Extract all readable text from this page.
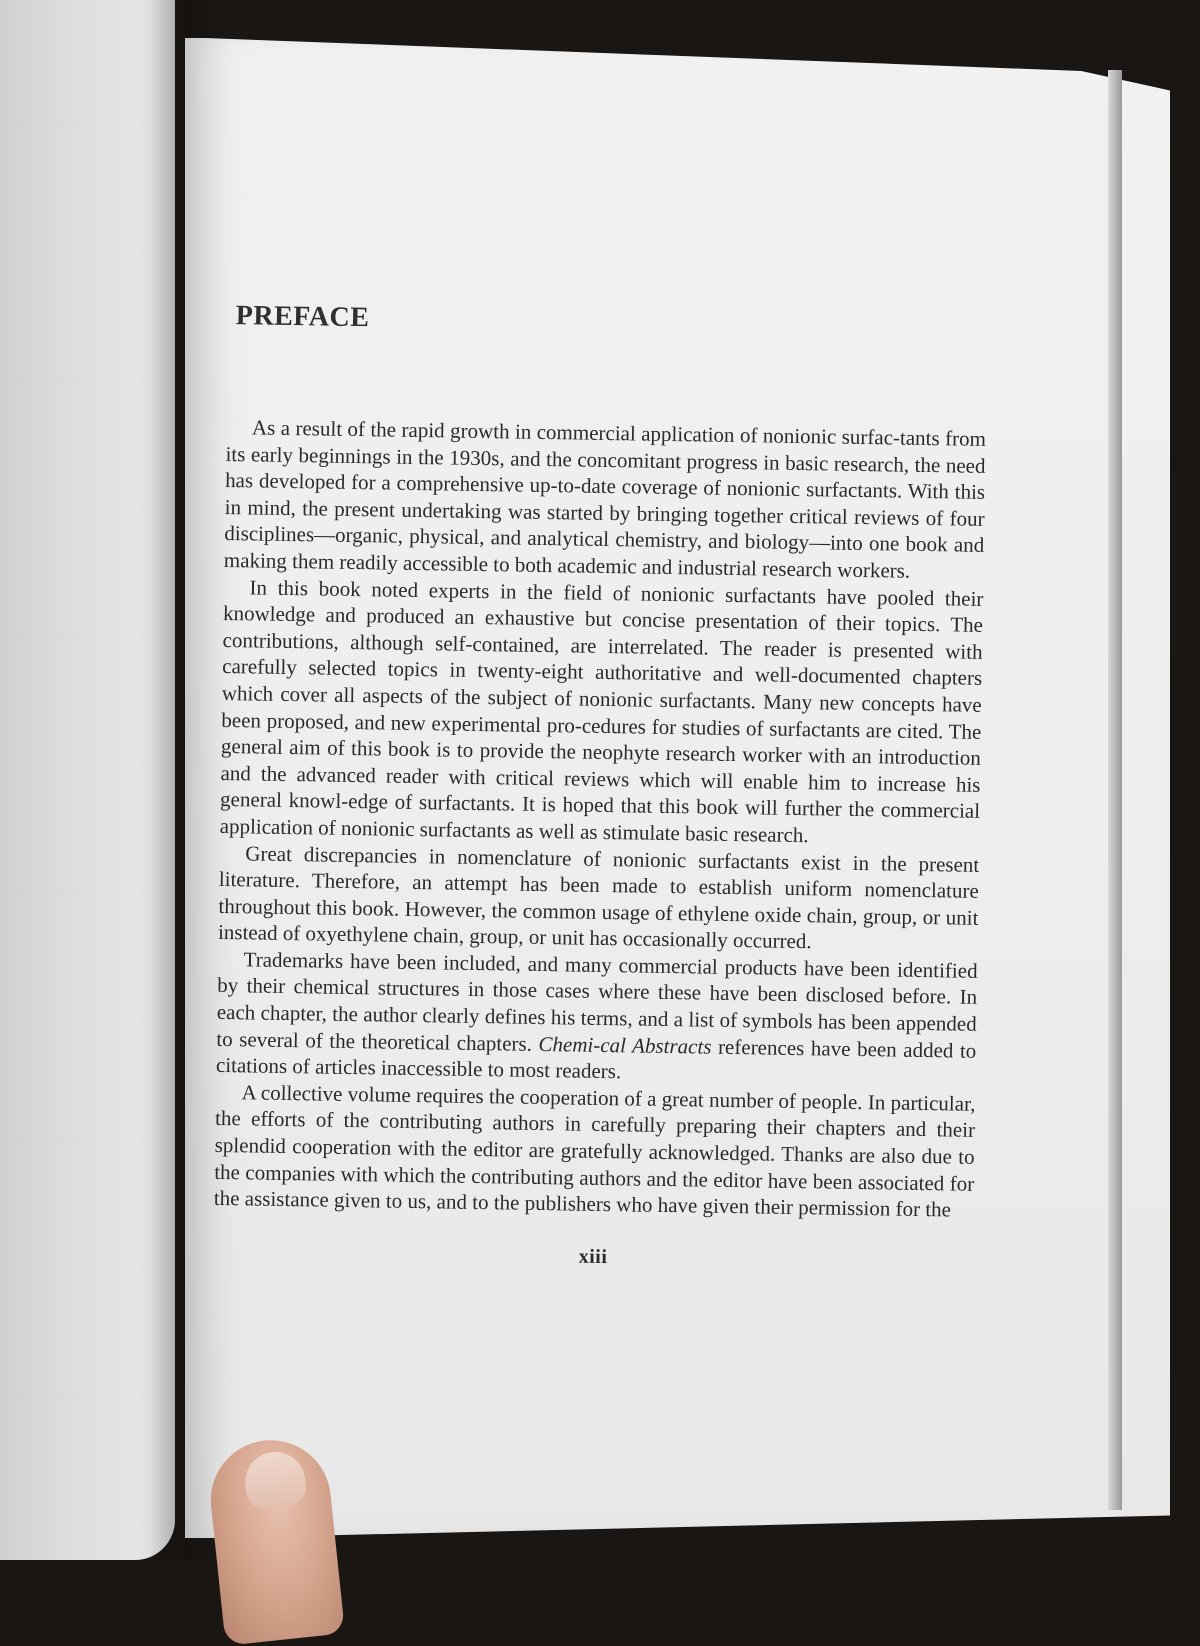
PREFACE

As a result of the rapid growth in commercial application of nonionic surfac-tants from its early beginnings in the 1930s, and the concomitant progress in basic research, the need has developed for a comprehensive up-to-date coverage of nonionic surfactants. With this in mind, the present undertaking was started by bringing together critical reviews of four disciplines—organic, physical, and analytical chemistry, and biology—into one book and making them readily accessible to both academic and industrial research workers.

In this book noted experts in the field of nonionic surfactants have pooled their knowledge and produced an exhaustive but concise presentation of their topics. The contributions, although self-contained, are interrelated. The reader is presented with carefully selected topics in twenty-eight authoritative and well-documented chapters which cover all aspects of the subject of nonionic surfactants. Many new concepts have been proposed, and new experimental pro-cedures for studies of surfactants are cited. The general aim of this book is to provide the neophyte research worker with an introduction and the advanced reader with critical reviews which will enable him to increase his general knowl-edge of surfactants. It is hoped that this book will further the commercial application of nonionic surfactants as well as stimulate basic research.

Great discrepancies in nomenclature of nonionic surfactants exist in the present literature. Therefore, an attempt has been made to establish uniform nomenclature throughout this book. However, the common usage of ethylene oxide chain, group, or unit instead of oxyethylene chain, group, or unit has occasionally occurred.

Trademarks have been included, and many commercial products have been identified by their chemical structures in those cases where these have been disclosed before. In each chapter, the author clearly defines his terms, and a list of symbols has been appended to several of the theoretical chapters. Chemi-cal Abstracts references have been added to citations of articles inaccessible to most readers.

A collective volume requires the cooperation of a great number of people. In particular, the efforts of the contributing authors in carefully preparing their chapters and their splendid cooperation with the editor are gratefully acknowledged. Thanks are also due to the companies with which the contributing authors and the editor have been associated for the assistance given to us, and to the publishers who have given their permission for the

xiii
